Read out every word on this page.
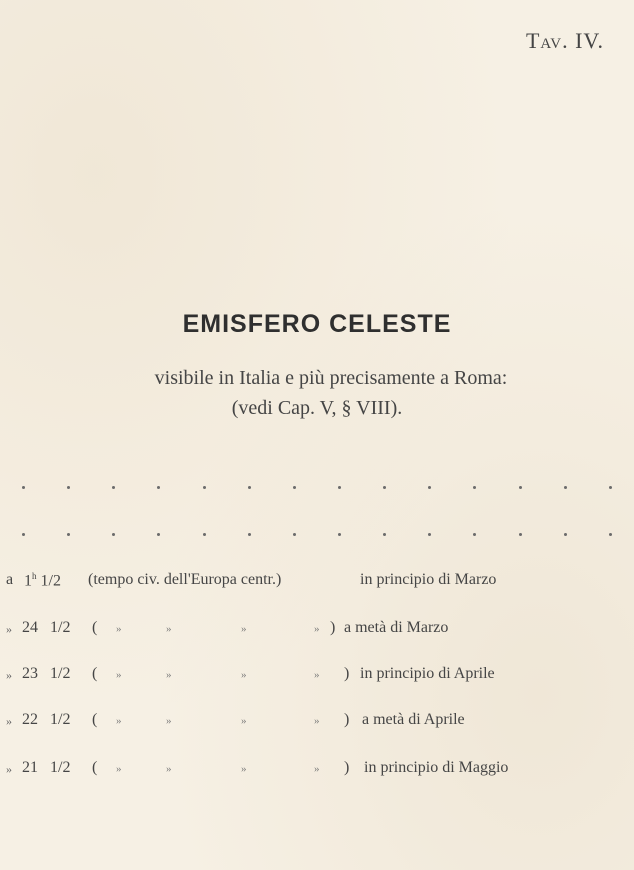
Tav. IV.
EMISFERO CELESTE
visibile in Italia e più precisamente a Roma:
(vedi Cap. V, § VIII).
a 1$^h$ 1/2 (tempo civ. dell'Europa centr.)	in principio di Marzo
» 24 1/2 ( »	»	»	» ) a metà di Marzo
» 23 1/2 ( »	»	»	» ) in principio di Aprile
» 22 1/2 ( »	»	»	» ) a metà di Aprile
» 21 1/2 ( »	»	»	» ) in principio di Maggio
